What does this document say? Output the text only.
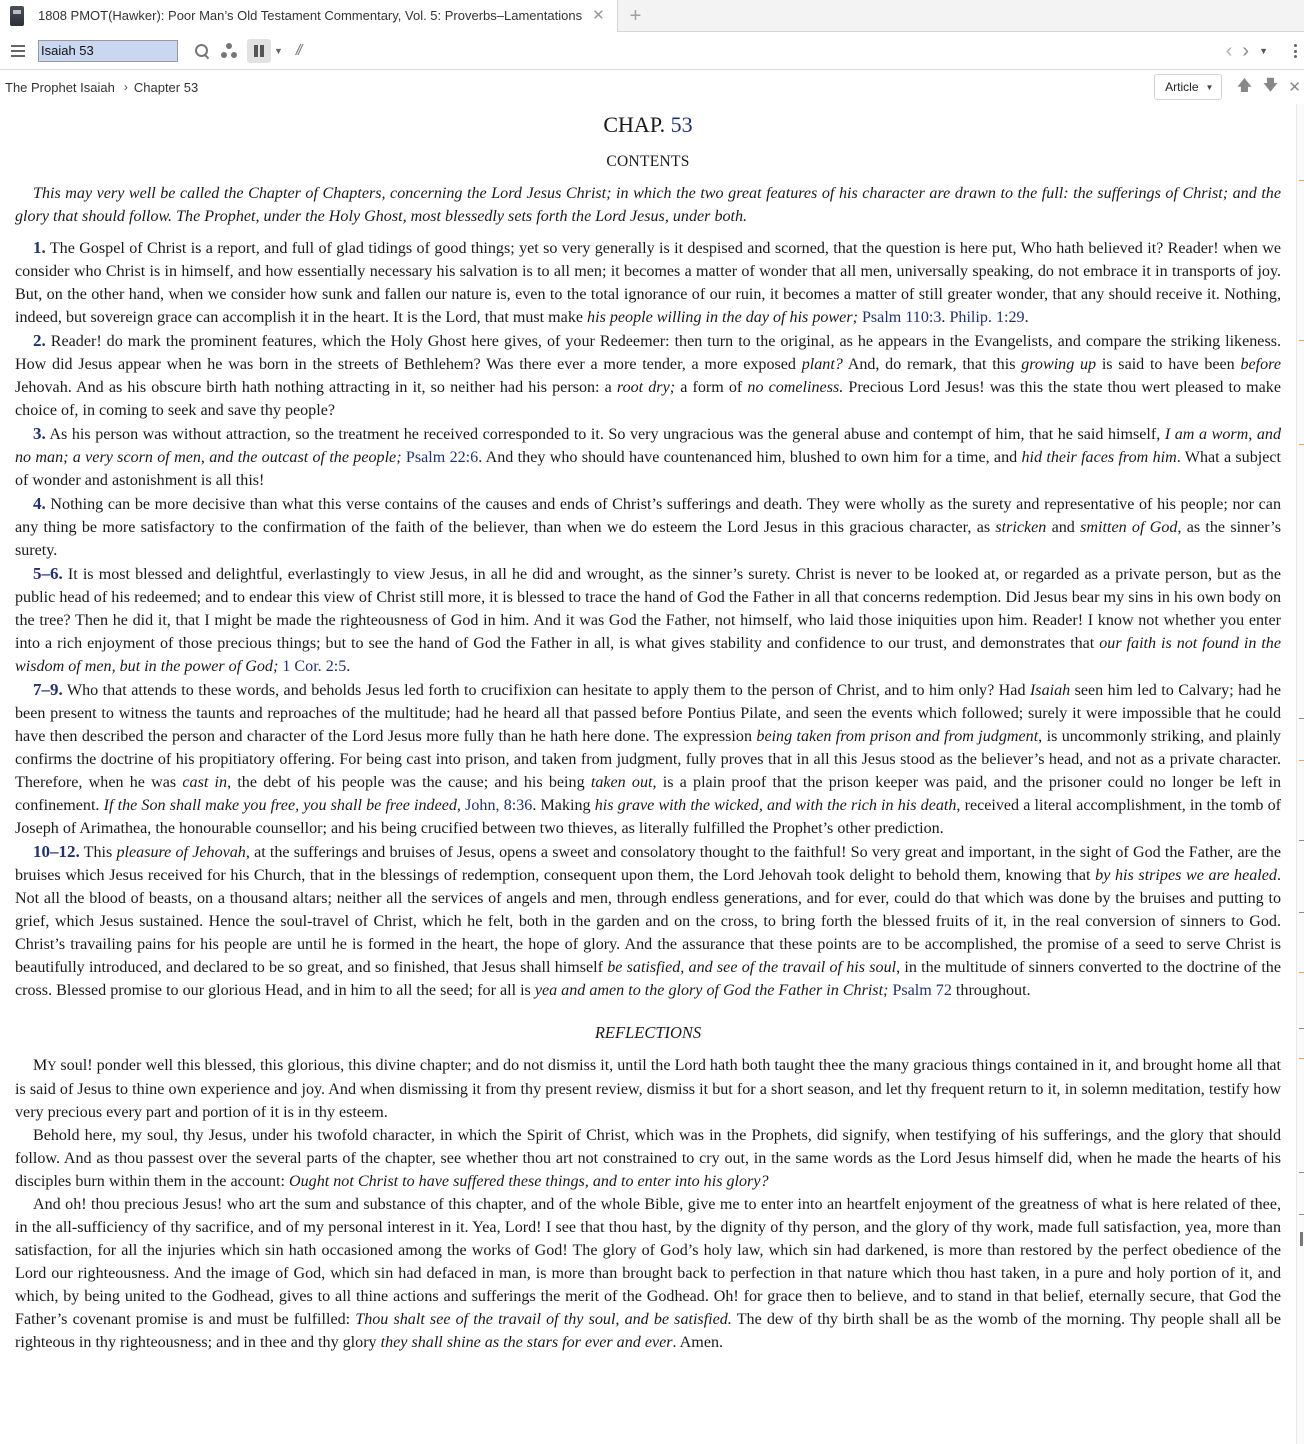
1808 PMOT(Hawker): Poor Man’s Old Testament Commentary, Vol. 5: Proverbs–Lamentations ✕ +
Isaiah 53
▼ //	‹ › ▼
The Prophet Isaiah › Chapter 53	Article ▼ 🡅 🡇 ✕
CHAP. 53
CONTENTS

This may very well be called the Chapter of Chapters, concerning the Lord Jesus Christ; in which the two great features of his character are drawn to the full: the sufferings of Christ; and the glory that should follow. The Prophet, under the Holy Ghost, most blessedly sets forth the Lord Jesus, under both.

1. The Gospel of Christ is a report, and full of glad tidings of good things; yet so very generally is it despised and scorned, that the question is here put, Who hath believed it? Reader! when we consider who Christ is in himself, and how essentially necessary his salvation is to all men; it becomes a matter of wonder that all men, universally speaking, do not embrace it in transports of joy. But, on the other hand, when we consider how sunk and fallen our nature is, even to the total ignorance of our ruin, it becomes a matter of still greater wonder, that any should receive it. Nothing, indeed, but sovereign grace can accomplish it in the heart. It is the Lord, that must make his people willing in the day of his power; Psalm 110:3. Philip. 1:29.

2. Reader! do mark the prominent features, which the Holy Ghost here gives, of your Redeemer: then turn to the original, as he appears in the Evangelists, and compare the striking likeness. How did Jesus appear when he was born in the streets of Bethlehem? Was there ever a more tender, a more exposed plant? And, do remark, that this growing up is said to have been before Jehovah. And as his obscure birth hath nothing attracting in it, so neither had his person: a root dry; a form of no comeliness. Precious Lord Jesus! was this the state thou wert pleased to make choice of, in coming to seek and save thy people?

3. As his person was without attraction, so the treatment he received corresponded to it. So very ungracious was the general abuse and contempt of him, that he said himself, I am a worm, and no man; a very scorn of men, and the outcast of the people; Psalm 22:6. And they who should have countenanced him, blushed to own him for a time, and hid their faces from him. What a subject of wonder and astonishment is all this!

4. Nothing can be more decisive than what this verse contains of the causes and ends of Christ’s sufferings and death. They were wholly as the surety and representative of his people; nor can any thing be more satisfactory to the confirmation of the faith of the believer, than when we do esteem the Lord Jesus in this gracious character, as stricken and smitten of God, as the sinner’s surety.

5–6. It is most blessed and delightful, everlastingly to view Jesus, in all he did and wrought, as the sinner’s surety. Christ is never to be looked at, or regarded as a private person, but as the public head of his redeemed; and to endear this view of Christ still more, it is blessed to trace the hand of God the Father in all that concerns redemption. Did Jesus bear my sins in his own body on the tree? Then he did it, that I might be made the righteousness of God in him. And it was God the Father, not himself, who laid those iniquities upon him. Reader! I know not whether you enter into a rich enjoyment of those precious things; but to see the hand of God the Father in all, is what gives stability and confidence to our trust, and demonstrates that our faith is not found in the wisdom of men, but in the power of God; 1 Cor. 2:5.

7–9. Who that attends to these words, and beholds Jesus led forth to crucifixion can hesitate to apply them to the person of Christ, and to him only? Had Isaiah seen him led to Calvary; had he been present to witness the taunts and reproaches of the multitude; had he heard all that passed before Pontius Pilate, and seen the events which followed; surely it were impossible that he could have then described the person and character of the Lord Jesus more fully than he hath here done. The expression being taken from prison and from judgment, is uncommonly striking, and plainly confirms the doctrine of his propitiatory offering. For being cast into prison, and taken from judgment, fully proves that in all this Jesus stood as the believer’s head, and not as a private character. Therefore, when he was cast in, the debt of his people was the cause; and his being taken out, is a plain proof that the prison keeper was paid, and the prisoner could no longer be left in confinement. If the Son shall make you free, you shall be free indeed, John, 8:36. Making his grave with the wicked, and with the rich in his death, received a literal accomplishment, in the tomb of Joseph of Arimathea, the honourable counsellor; and his being crucified between two thieves, as literally fulfilled the Prophet’s other prediction.

10–12. This pleasure of Jehovah, at the sufferings and bruises of Jesus, opens a sweet and consolatory thought to the faithful! So very great and important, in the sight of God the Father, are the bruises which Jesus received for his Church, that in the blessings of redemption, consequent upon them, the Lord Jehovah took delight to behold them, knowing that by his stripes we are healed. Not all the blood of beasts, on a thousand altars; neither all the services of angels and men, through endless generations, and for ever, could do that which was done by the bruises and putting to grief, which Jesus sustained. Hence the soul-travel of Christ, which he felt, both in the garden and on the cross, to bring forth the blessed fruits of it, in the real conversion of sinners to God. Christ’s travailing pains for his people are until he is formed in the heart, the hope of glory. And the assurance that these points are to be accomplished, the promise of a seed to serve Christ is beautifully introduced, and declared to be so great, and so finished, that Jesus shall himself be satisfied, and see of the travail of his soul, in the multitude of sinners converted to the doctrine of the cross. Blessed promise to our glorious Head, and in him to all the seed; for all is yea and amen to the glory of God the Father in Christ; Psalm 72 throughout.

REFLECTIONS

MY soul! ponder well this blessed, this glorious, this divine chapter; and do not dismiss it, until the Lord hath both taught thee the many gracious things contained in it, and brought home all that is said of Jesus to thine own experience and joy. And when dismissing it from thy present review, dismiss it but for a short season, and let thy frequent return to it, in solemn meditation, testify how very precious every part and portion of it is in thy esteem.

Behold here, my soul, thy Jesus, under his twofold character, in which the Spirit of Christ, which was in the Prophets, did signify, when testifying of his sufferings, and the glory that should follow. And as thou passest over the several parts of the chapter, see whether thou art not constrained to cry out, in the same words as the Lord Jesus himself did, when he made the hearts of his disciples burn within them in the account: Ought not Christ to have suffered these things, and to enter into his glory?

And oh! thou precious Jesus! who art the sum and substance of this chapter, and of the whole Bible, give me to enter into an heartfelt enjoyment of the greatness of what is here related of thee, in the all-sufficiency of thy sacrifice, and of my personal interest in it. Yea, Lord! I see that thou hast, by the dignity of thy person, and the glory of thy work, made full satisfaction, yea, more than satisfaction, for all the injuries which sin hath occasioned among the works of God! The glory of God’s holy law, which sin had darkened, is more than restored by the perfect obedience of the Lord our righteousness. And the image of God, which sin had defaced in man, is more than brought back to perfection in that nature which thou hast taken, in a pure and holy portion of it, and which, by being united to the Godhead, gives to all thine actions and sufferings the merit of the Godhead. Oh! for grace then to believe, and to stand in that belief, eternally secure, that God the Father’s covenant promise is and must be fulfilled: Thou shalt see of the travail of thy soul, and be satisfied. The dew of thy birth shall be as the womb of the morning. Thy people shall all be righteous in thy righteousness; and in thee and thy glory they shall shine as the stars for ever and ever. Amen.
